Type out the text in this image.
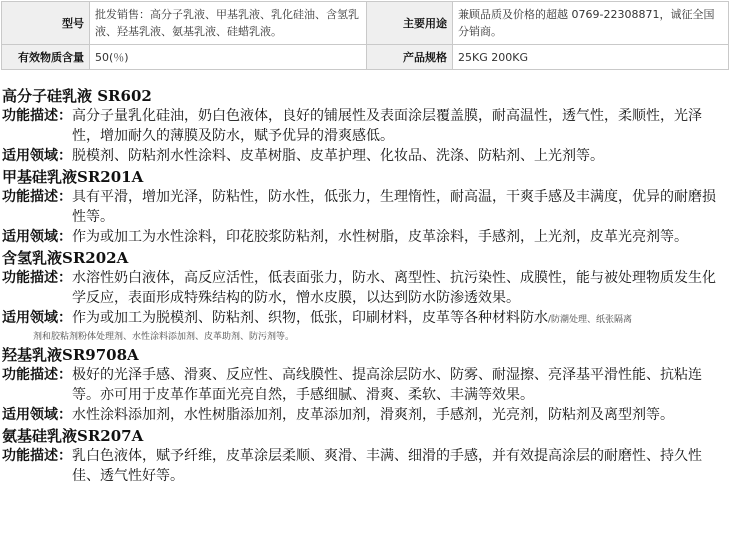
型号	批发销售：高分子乳液、甲基乳液、乳化硅油、含氢乳液、羟基乳液、氨基乳液、硅蜡乳液。	主要用途	兼顾品质及价格的超越 0769-22308871，诚征全国分销商。
有效物质含量	50(％)	产品规格	25KG 200KG
高分子硅乳液 SR602
功能描述： 高分子量乳化硅油，奶白色液体，良好的铺展性及表面涂层覆盖膜，耐高温性，透气性，柔顺性，光泽性，增加耐久的薄膜及防水，赋予优异的滑爽感低。
适用领域： 脱模剂、防粘剂水性涂料、皮革树脂、皮革护理、化妆品、洗涤、防粘剂、上光剂等。
甲基硅乳液SR201A
功能描述： 具有平滑，增加光泽，防粘性，防水性，低张力，生理惰性，耐高温，干爽手感及丰满度，优异的耐磨损性等。
适用领域： 作为或加工为水性涂料，印花胶浆防粘剂，水性树脂，皮革涂料，手感剂，上光剂，皮革光亮剂等。
含氢乳液SR202A
功能描述： 水溶性奶白液体，高反应活性，低表面张力，防水、离型性、抗污染性、成膜性，能与被处理物质发生化学反应，表面形成特殊结构的防水，憎水皮膜，以达到防水防渗透效果。
适用领域： 作为或加工为脱模剂、防粘剂、织物，低张，印刷材料，皮革等各种材料防水/防潮处理、纸张隔离
剂和胶粘剂粉体处理剂、水性涂料添加剂、皮革助剂、防污剂等。
羟基乳液SR9708A
功能描述： 极好的光泽手感、滑爽、反应性、高线膜性、提高涂层防水、防雾、耐湿擦、亮泽基平滑性能、抗粘连等。亦可用于皮革作革面光亮自然，手感细腻、滑爽、柔软、丰满等效果。
适用领域： 水性涂料添加剂，水性树脂添加剂，皮革添加剂，滑爽剂，手感剂，光亮剂，防粘剂及离型剂等。
氨基硅乳液SR207A
功能描述： 乳白色液体，赋予纤维，皮革涂层柔顺、爽滑、丰满、细滑的手感，并有效提高涂层的耐磨性、持久性佳、透气性好等。
